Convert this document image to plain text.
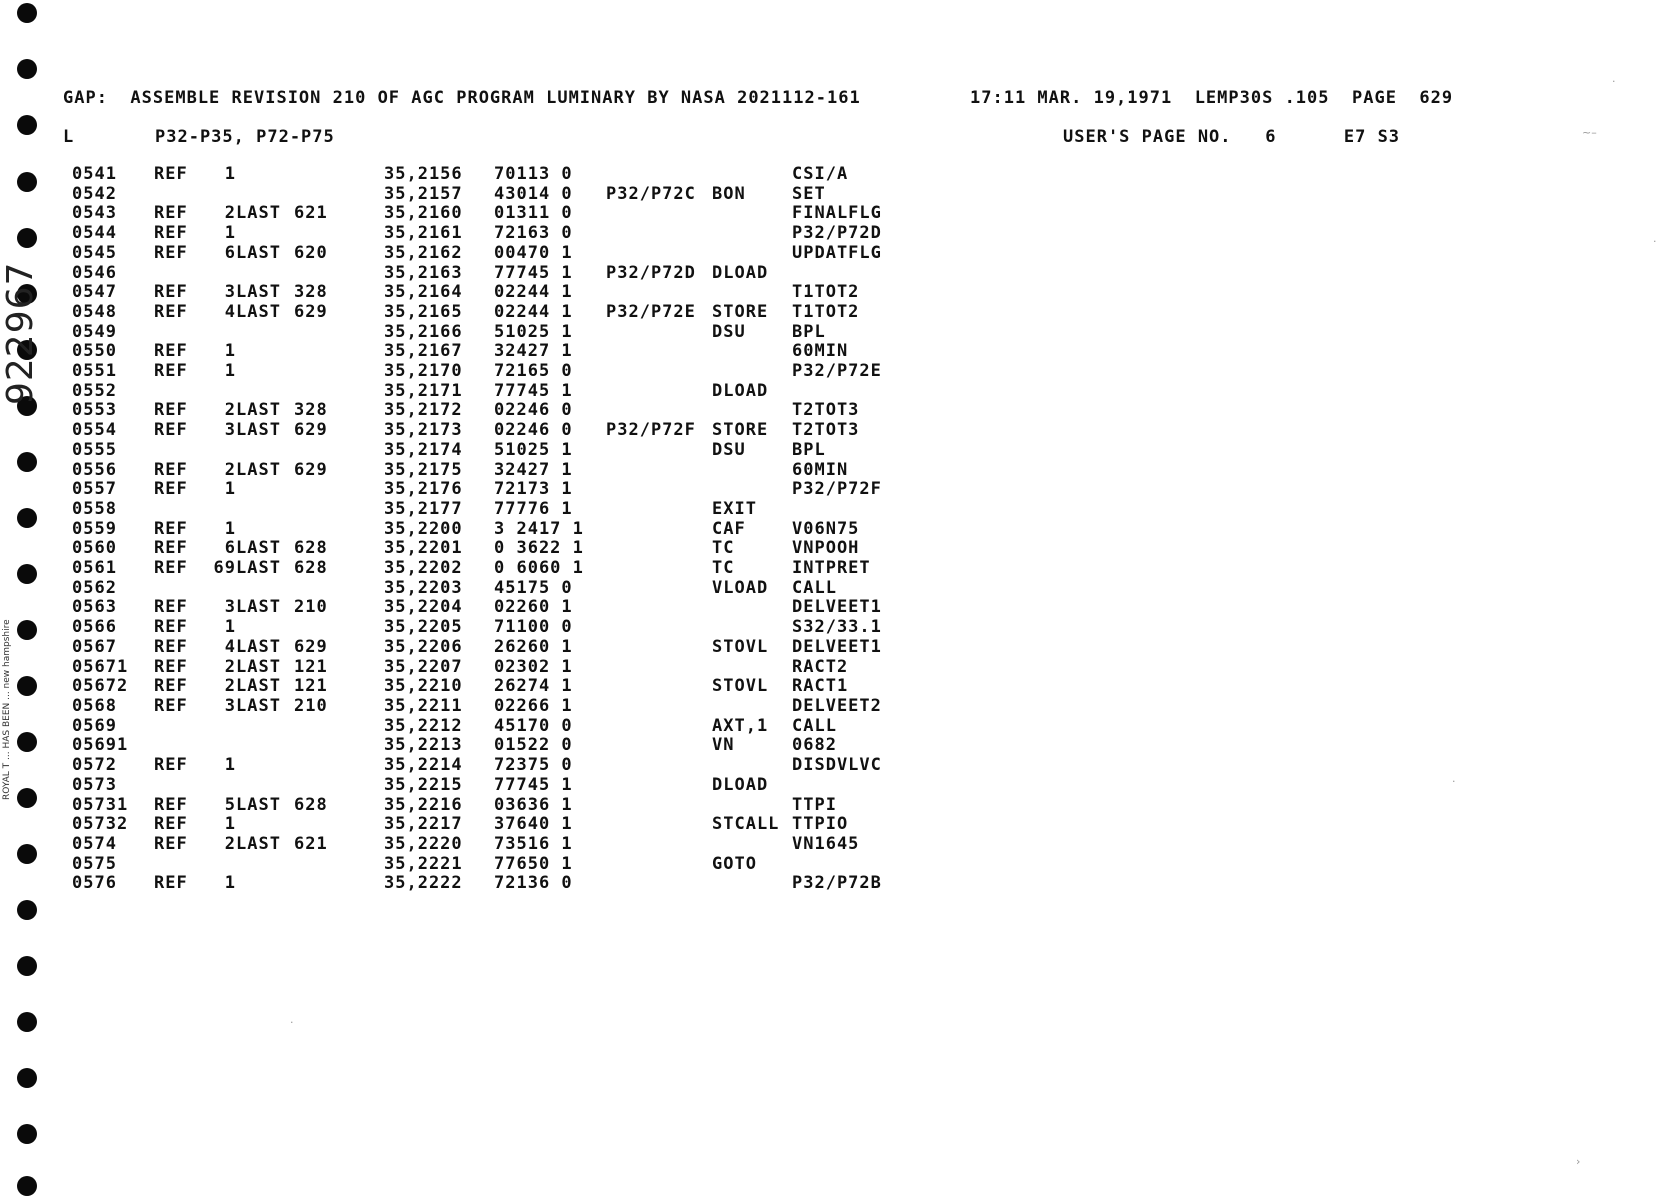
922967
ROYAL T ... HAS BEEN ... new hampshire
GAP:  ASSEMBLE REVISION 210 OF AGC PROGRAM LUMINARY BY NASA 2021112-161	17:11 MAR. 19,1971  LEMP30S .105  PAGE  629
L	P32-P35, P72-P75	USER'S PAGE NO.   6      E7 S3
0541	REF	1			35,2156	70113 0			CSI/A
0542					35,2157	43014 0	P32/P72C	BON	SET
0543	REF	2	LAST	621	35,2160	01311 0			FINALFLG
0544	REF	1			35,2161	72163 0			P32/P72D
0545	REF	6	LAST	620	35,2162	00470 1			UPDATFLG
0546					35,2163	77745 1	P32/P72D	DLOAD	
0547	REF	3	LAST	328	35,2164	02244 1			T1TOT2
0548	REF	4	LAST	629	35,2165	02244 1	P32/P72E	STORE	T1TOT2
0549					35,2166	51025 1		DSU	BPL
0550	REF	1			35,2167	32427 1			60MIN
0551	REF	1			35,2170	72165 0			P32/P72E
0552					35,2171	77745 1		DLOAD	
0553	REF	2	LAST	328	35,2172	02246 0			T2TOT3
0554	REF	3	LAST	629	35,2173	02246 0	P32/P72F	STORE	T2TOT3
0555					35,2174	51025 1		DSU	BPL
0556	REF	2	LAST	629	35,2175	32427 1			60MIN
0557	REF	1			35,2176	72173 1			P32/P72F
0558					35,2177	77776 1		EXIT	
0559	REF	1			35,2200	3 2417 1		CAF	V06N75
0560	REF	6	LAST	628	35,2201	0 3622 1		TC	VNPOOH
0561	REF	69	LAST	628	35,2202	0 6060 1		TC	INTPRET
0562					35,2203	45175 0		VLOAD	CALL
0563	REF	3	LAST	210	35,2204	02260 1			DELVEET1
0566	REF	1			35,2205	71100 0			S32/33.1
0567	REF	4	LAST	629	35,2206	26260 1		STOVL	DELVEET1
05671	REF	2	LAST	121	35,2207	02302 1			RACT2
05672	REF	2	LAST	121	35,2210	26274 1		STOVL	RACT1
0568	REF	3	LAST	210	35,2211	02266 1			DELVEET2
0569					35,2212	45170 0		AXT,1	CALL
05691					35,2213	01522 0		VN	0682
0572	REF	1			35,2214	72375 0			DISDVLVC
0573					35,2215	77745 1		DLOAD	
05731	REF	5	LAST	628	35,2216	03636 1			TTPI
05732	REF	1			35,2217	37640 1		STCALL	TTPIO
0574	REF	2	LAST	621	35,2220	73516 1			VN1645
0575					35,2221	77650 1		GOTO	
0576	REF	1			35,2222	72136 0			P32/P72B
·
~–
·
·
›
·
